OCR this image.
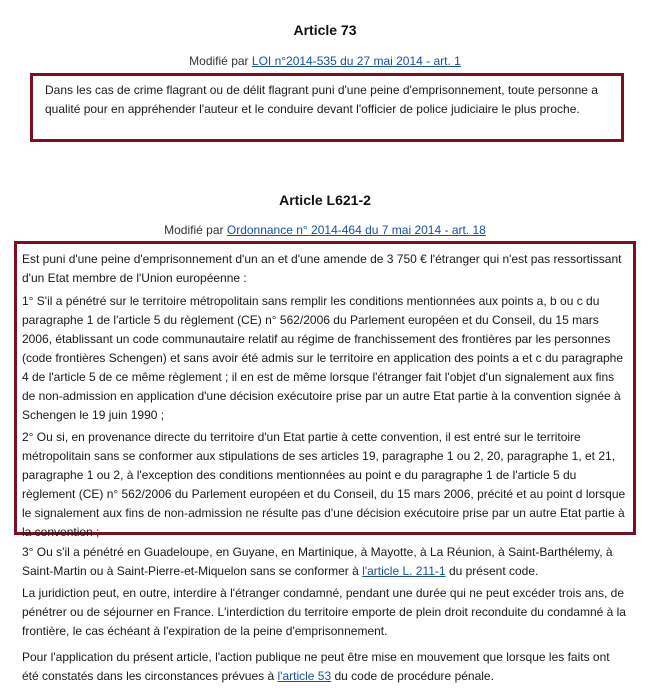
Article 73
Modifié par LOI n°2014-535 du 27 mai 2014 - art. 1

Dans les cas de crime flagrant ou de délit flagrant puni d'une peine d'emprisonnement, toute personne a qualité pour en appréhender l'auteur et le conduire devant l'officier de police judiciaire le plus proche.

Article L621-2
Modifié par Ordonnance n° 2014-464 du 7 mai 2014 - art. 18

Est puni d'une peine d'emprisonnement d'un an et d'une amende de 3 750 € l'étranger qui n'est pas ressortissant d'un Etat membre de l'Union européenne :

1° S'il a pénétré sur le territoire métropolitain sans remplir les conditions mentionnées aux points a, b ou c du paragraphe 1 de l'article 5 du règlement (CE) n° 562/2006 du Parlement européen et du Conseil, du 15 mars 2006, établissant un code communautaire relatif au régime de franchissement des frontières par les personnes (code frontières Schengen) et sans avoir été admis sur le territoire en application des points a et c du paragraphe 4 de l'article 5 de ce même règlement ; il en est de même lorsque l'étranger fait l'objet d'un signalement aux fins de non-admission en application d'une décision exécutoire prise par un autre Etat partie à la convention signée à Schengen le 19 juin 1990 ;

2° Ou si, en provenance directe du territoire d'un Etat partie à cette convention, il est entré sur le territoire métropolitain sans se conformer aux stipulations de ses articles 19, paragraphe 1 ou 2, 20, paragraphe 1, et 21, paragraphe 1 ou 2, à l'exception des conditions mentionnées au point e du paragraphe 1 de l'article 5 du règlement (CE) n° 562/2006 du Parlement européen et du Conseil, du 15 mars 2006, précité et au point d lorsque le signalement aux fins de non-admission ne résulte pas d'une décision exécutoire prise par un autre Etat partie à la convention ;

3° Ou s'il a pénétré en Guadeloupe, en Guyane, en Martinique, à Mayotte, à La Réunion, à Saint-Barthélemy, à Saint-Martin ou à Saint-Pierre-et-Miquelon sans se conformer à l'article L. 211-1 du présent code.

La juridiction peut, en outre, interdire à l'étranger condamné, pendant une durée qui ne peut excéder trois ans, de pénétrer ou de séjourner en France. L'interdiction du territoire emporte de plein droit reconduite du condamné à la frontière, le cas échéant à l'expiration de la peine d'emprisonnement.

Pour l'application du présent article, l'action publique ne peut être mise en mouvement que lorsque les faits ont été constatés dans les circonstances prévues à l'article 53 du code de procédure pénale.
